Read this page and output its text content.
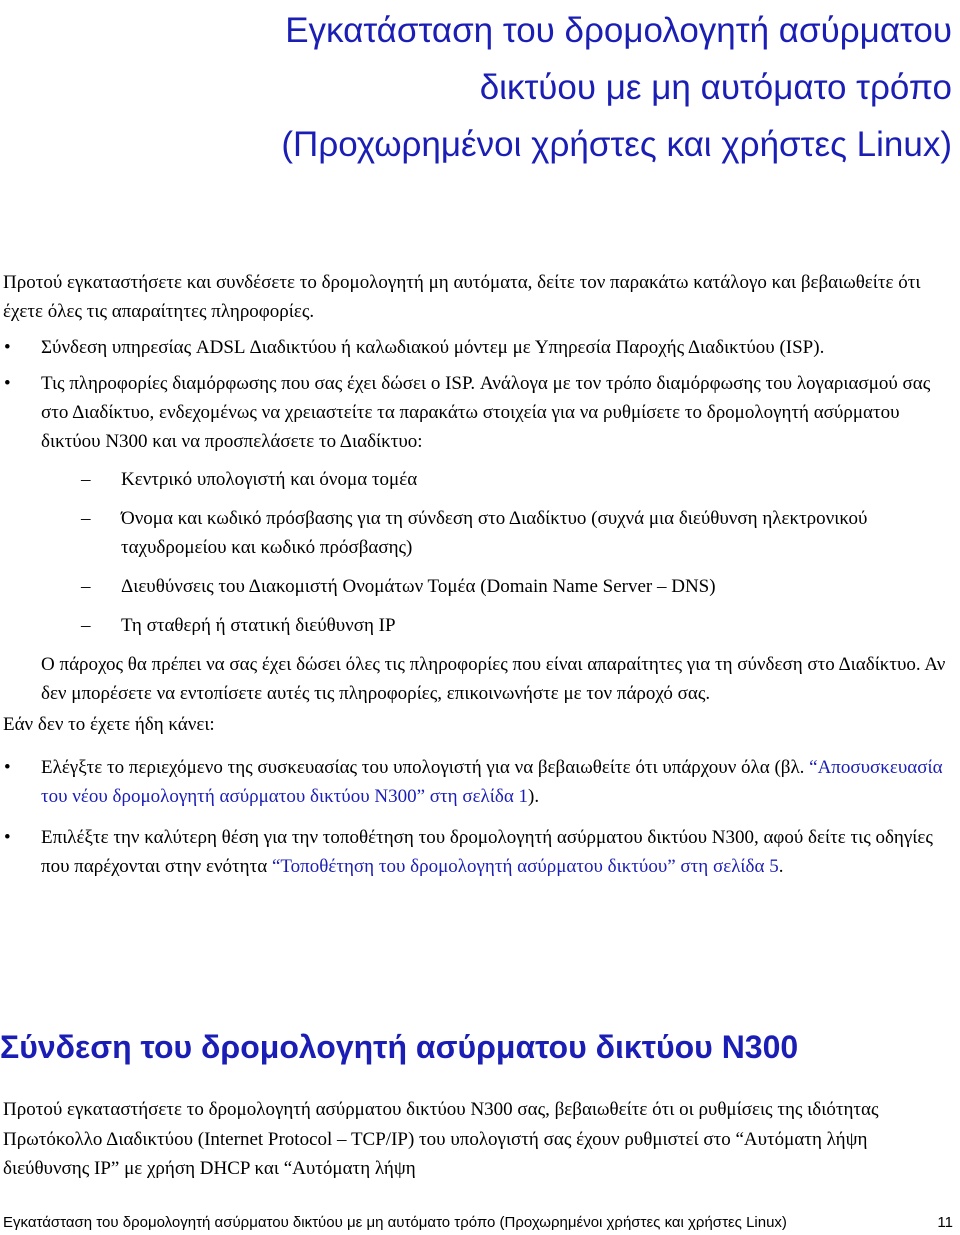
Εγκατάσταση του δρομολογητή ασύρματου
δικτύου με μη αυτόματο τρόπο
(Προχωρημένοι χρήστες και χρήστες Linux)

Προτού εγκαταστήσετε και συνδέσετε το δρομολογητή μη αυτόματα, δείτε τον παρακάτω κατάλογο και βεβαιωθείτε ότι έχετε όλες τις απαραίτητες πληροφορίες.

• Σύνδεση υπηρεσίας ADSL Διαδικτύου ή καλωδιακού μόντεμ με Υπηρεσία Παροχής Διαδικτύου (ISP).
• Τις πληροφορίες διαμόρφωσης που σας έχει δώσει ο ISP. Ανάλογα με τον τρόπο διαμόρφωσης του λογαριασμού σας στο Διαδίκτυο, ενδεχομένως να χρειαστείτε τα παρακάτω στοιχεία για να ρυθμίσετε το δρομολογητή ασύρματου δικτύου N300 και να προσπελάσετε το Διαδίκτυο:
– Κεντρικό υπολογιστή και όνομα τομέα
– Όνομα και κωδικό πρόσβασης για τη σύνδεση στο Διαδίκτυο (συχνά μια διεύθυνση ηλεκτρονικού ταχυδρομείου και κωδικό πρόσβασης)
– Διευθύνσεις του Διακομιστή Ονομάτων Τομέα (Domain Name Server – DNS)
– Τη σταθερή ή στατική διεύθυνση IP

Ο πάροχος θα πρέπει να σας έχει δώσει όλες τις πληροφορίες που είναι απαραίτητες για τη σύνδεση στο Διαδίκτυο. Αν δεν μπορέσετε να εντοπίσετε αυτές τις πληροφορίες, επικοινωνήστε με τον πάροχό σας.

Εάν δεν το έχετε ήδη κάνει:

• Ελέγξτε το περιεχόμενο της συσκευασίας του υπολογιστή για να βεβαιωθείτε ότι υπάρχουν όλα (βλ. “Αποσυσκευασία του νέου δρομολογητή ασύρματου δικτύου N300” στη σελίδα 1).
• Επιλέξτε την καλύτερη θέση για την τοποθέτηση του δρομολογητή ασύρματου δικτύου N300, αφού δείτε τις οδηγίες που παρέχονται στην ενότητα “Τοποθέτηση του δρομολογητή ασύρματου δικτύου” στη σελίδα 5.
Σύνδεση του δρομολογητή ασύρματου δικτύου N300

Προτού εγκαταστήσετε το δρομολογητή ασύρματου δικτύου N300 σας, βεβαιωθείτε ότι οι ρυθμίσεις της ιδιότητας Πρωτόκολλο Διαδικτύου (Internet Protocol – TCP/IP) του υπολογιστή σας έχουν ρυθμιστεί στο “Αυτόματη λήψη διεύθυνσης IP” με χρήση DHCP και “Αυτόματη λήψη

Εγκατάσταση του δρομολογητή ασύρματου δικτύου με μη αυτόματο τρόπο (Προχωρημένοι χρήστες και χρήστες Linux)	11
